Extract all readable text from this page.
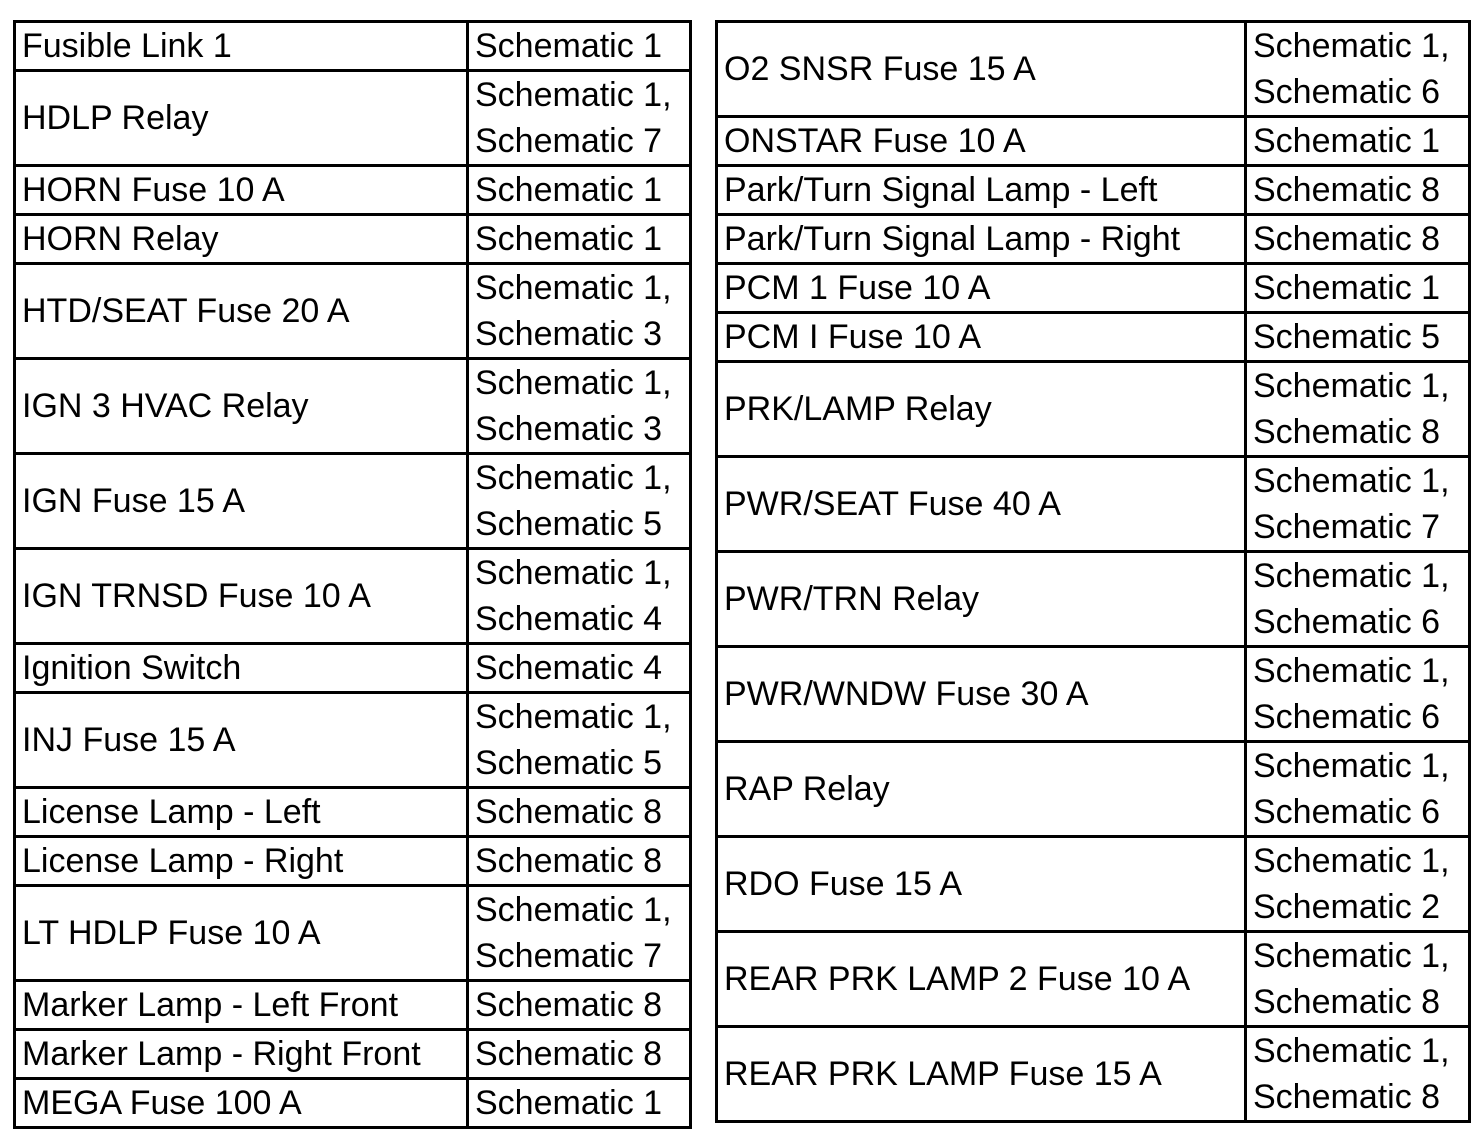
Fusible Link 1	Schematic 1

HDLP Relay	Schematic 1,
Schematic 7

HORN Fuse 10 A	Schematic 1

HORN Relay	Schematic 1

HTD/SEAT Fuse 20 A	Schematic 1,
Schematic 3

IGN 3 HVAC Relay	Schematic 1,
Schematic 3

IGN Fuse 15 A	Schematic 1,
Schematic 5

IGN TRNSD Fuse 10 A	Schematic 1,
Schematic 4

Ignition Switch	Schematic 4

INJ Fuse 15 A	Schematic 1,
Schematic 5

License Lamp - Left	Schematic 8

License Lamp - Right	Schematic 8

LT HDLP Fuse 10 A	Schematic 1,
Schematic 7

Marker Lamp - Left Front	Schematic 8

Marker Lamp - Right Front	Schematic 8

MEGA Fuse 100 A	Schematic 1
O2 SNSR Fuse 15 A	Schematic 1,
Schematic 6

ONSTAR Fuse 10 A	Schematic 1

Park/Turn Signal Lamp - Left	Schematic 8

Park/Turn Signal Lamp - Right	Schematic 8

PCM 1 Fuse 10 A	Schematic 1

PCM I Fuse 10 A	Schematic 5

PRK/LAMP Relay	Schematic 1,
Schematic 8

PWR/SEAT Fuse 40 A	Schematic 1,
Schematic 7

PWR/TRN Relay	Schematic 1,
Schematic 6

PWR/WNDW Fuse 30 A	Schematic 1,
Schematic 6

RAP Relay	Schematic 1,
Schematic 6

RDO Fuse 15 A	Schematic 1,
Schematic 2

REAR PRK LAMP 2 Fuse 10 A	Schematic 1,
Schematic 8

REAR PRK LAMP Fuse 15 A	Schematic 1,
Schematic 8
